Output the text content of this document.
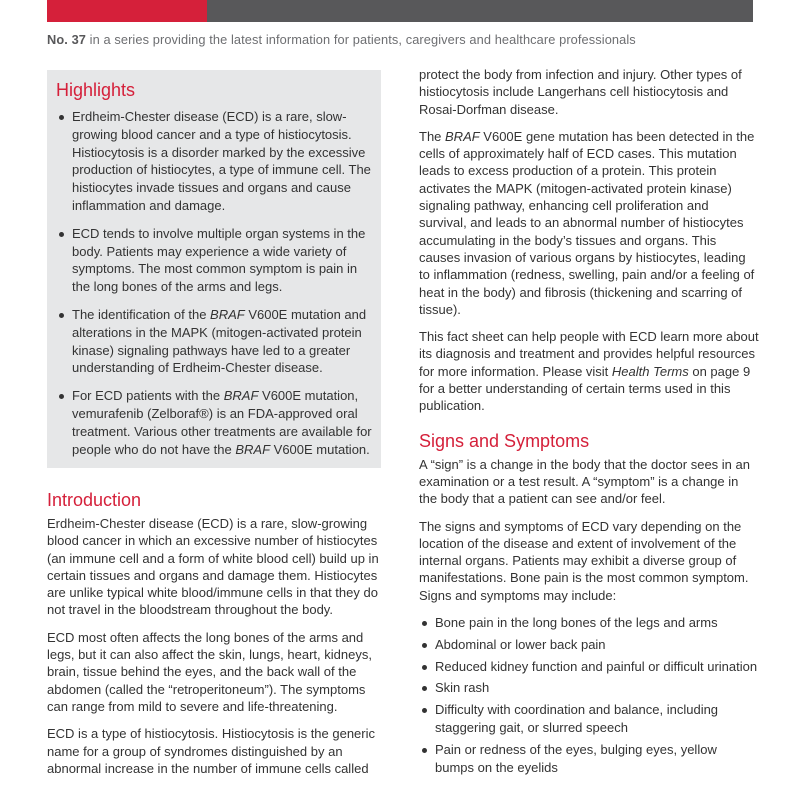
No. 37 in a series providing the latest information for patients, caregivers and healthcare professionals
Highlights
Erdheim-Chester disease (ECD) is a rare, slow-growing blood cancer and a type of histiocytosis. Histiocytosis is a disorder marked by the excessive production of histiocytes, a type of immune cell. The histiocytes invade tissues and organs and cause inflammation and damage.
ECD tends to involve multiple organ systems in the body. Patients may experience a wide variety of symptoms. The most common symptom is pain in the long bones of the arms and legs.
The identification of the BRAF V600E mutation and alterations in the MAPK (mitogen-activated protein kinase) signaling pathways have led to a greater understanding of Erdheim-Chester disease.
For ECD patients with the BRAF V600E mutation, vemurafenib (Zelboraf®) is an FDA-approved oral treatment. Various other treatments are available for people who do not have the BRAF V600E mutation.
Introduction

Erdheim-Chester disease (ECD) is a rare, slow-growing blood cancer in which an excessive number of histiocytes (an immune cell and a form of white blood cell) build up in certain tissues and organs and damage them. Histiocytes are unlike typical white blood/immune cells in that they do not travel in the bloodstream throughout the body.

ECD most often affects the long bones of the arms and legs, but it can also affect the skin, lungs, heart, kidneys, brain, tissue behind the eyes, and the back wall of the abdomen (called the “retroperitoneum”). The symptoms can range from mild to severe and life-threatening.

ECD is a type of histiocytosis. Histiocytosis is the generic name for a group of syndromes distinguished by an abnormal increase in the number of immune cells called

protect the body from infection and injury. Other types of histiocytosis include Langerhans cell histiocytosis and Rosai-Dorfman disease.

The BRAF V600E gene mutation has been detected in the cells of approximately half of ECD cases. This mutation leads to excess production of a protein. This protein activates the MAPK (mitogen-activated protein kinase) signaling pathway, enhancing cell proliferation and survival, and leads to an abnormal number of histiocytes accumulating in the body’s tissues and organs. This causes invasion of various organs by histiocytes, leading to inflammation (redness, swelling, pain and/or a feeling of heat in the body) and fibrosis (thickening and scarring of tissue).

This fact sheet can help people with ECD learn more about its diagnosis and treatment and provides helpful resources for more information. Please visit Health Terms on page 9 for a better understanding of certain terms used in this publication.

Signs and Symptoms

A “sign” is a change in the body that the doctor sees in an examination or a test result. A “symptom” is a change in the body that a patient can see and/or feel.

The signs and symptoms of ECD vary depending on the location of the disease and extent of involvement of the internal organs. Patients may exhibit a diverse group of manifestations. Bone pain is the most common symptom. Signs and symptoms may include:

Bone pain in the long bones of the legs and arms
Abdominal or lower back pain
Reduced kidney function and painful or difficult urination
Skin rash
Difficulty with coordination and balance, including staggering gait, or slurred speech
Pain or redness of the eyes, bulging eyes, yellow bumps on the eyelids
